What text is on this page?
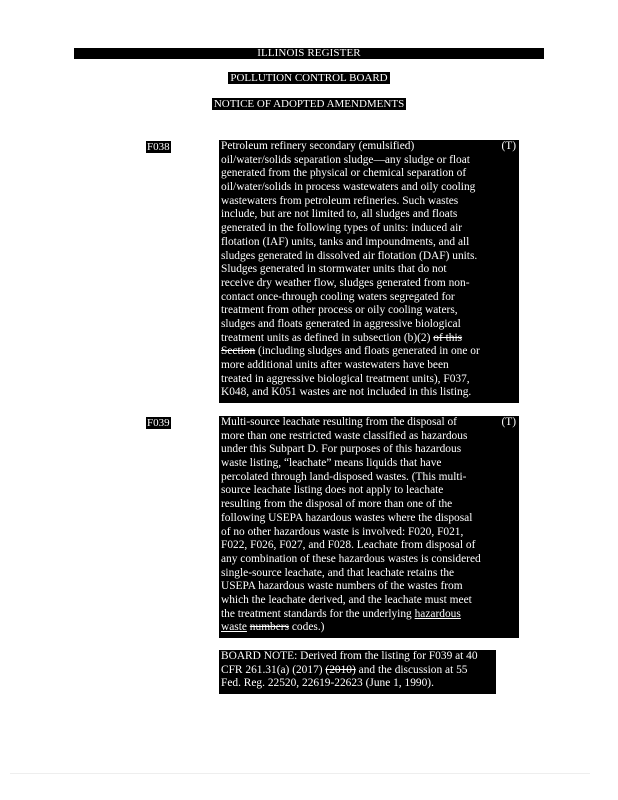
ILLINOIS REGISTER
POLLUTION CONTROL BOARD
NOTICE OF ADOPTED AMENDMENTS
F038	(T)
Petroleum refinery secondary (emulsified)
oil/water/solids separation sludge—any sludge or float
generated from the physical or chemical separation of
oil/water/solids in process wastewaters and oily cooling
wastewaters from petroleum refineries. Such wastes
include, but are not limited to, all sludges and floats
generated in the following types of units: induced air
flotation (IAF) units, tanks and impoundments, and all
sludges generated in dissolved air flotation (DAF) units.
Sludges generated in stormwater units that do not
receive dry weather flow, sludges generated from non-
contact once-through cooling waters segregated for
treatment from other process or oily cooling waters,
sludges and floats generated in aggressive biological
treatment units as defined in subsection (b)(2) of this
Section (including sludges and floats generated in one or
more additional units after wastewaters have been
treated in aggressive biological treatment units), F037,
K048, and K051 wastes are not included in this listing.
F039	(T)
Multi-source leachate resulting from the disposal of
more than one restricted waste classified as hazardous
under this Subpart D. For purposes of this hazardous
waste listing, “leachate” means liquids that have
percolated through land-disposed wastes. (This multi-
source leachate listing does not apply to leachate
resulting from the disposal of more than one of the
following USEPA hazardous wastes where the disposal
of no other hazardous waste is involved: F020, F021,
F022, F026, F027, and F028. Leachate from disposal of
any combination of these hazardous wastes is considered
single-source leachate, and that leachate retains the
USEPA hazardous waste numbers of the wastes from
which the leachate derived, and the leachate must meet
the treatment standards for the underlying hazardous
waste numbers codes.)
BOARD NOTE: Derived from the listing for F039 at 40
CFR 261.31(a) (2017) (2010) and the discussion at 55
Fed. Reg. 22520, 22619-22623 (June 1, 1990).
